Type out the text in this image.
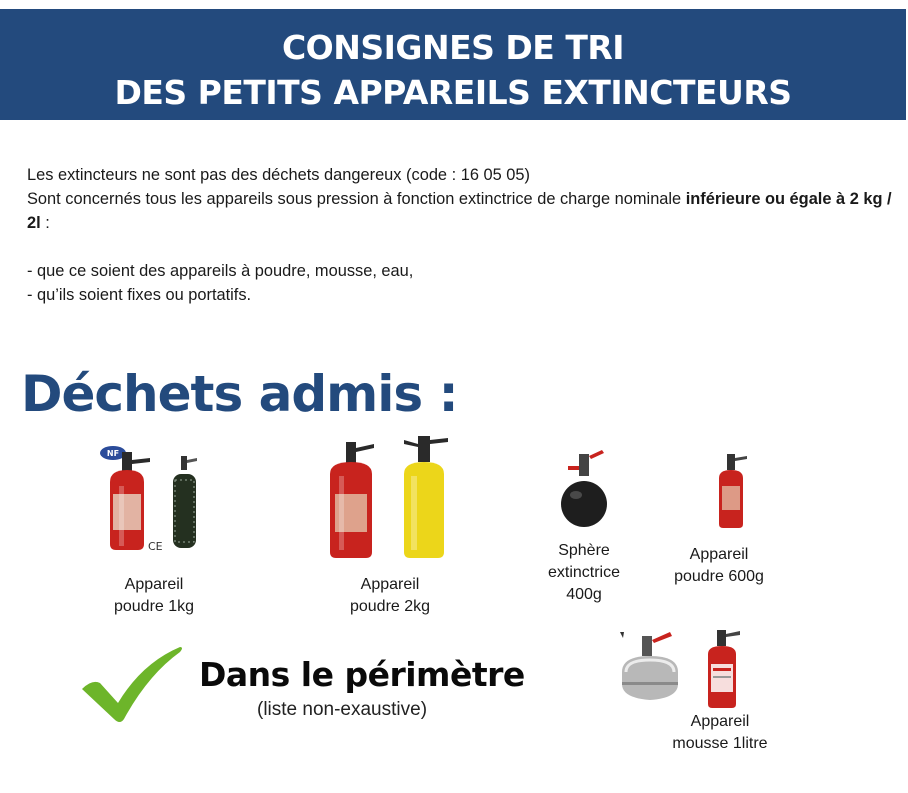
CONSIGNES DE TRI
DES PETITS APPAREILS EXTINCTEURS

Les extincteurs ne sont pas des déchets dangereux (code : 16 05 05)

Sont concernés tous les appareils sous pression à fonction extinctrice de charge nominale inférieure ou égale à 2 kg / 2l :

- que ce soient des appareils à poudre, mousse, eau,

- qu’ils soient fixes ou portatifs.

Déchets admis :
NF
CE
Appareil
poudre 1kg
Appareil
poudre 2kg
Sphère
extinctrice
400g
Appareil
poudre 600g
Appareil
mousse 1litre
Dans le périmètre
(liste non-exaustive)
